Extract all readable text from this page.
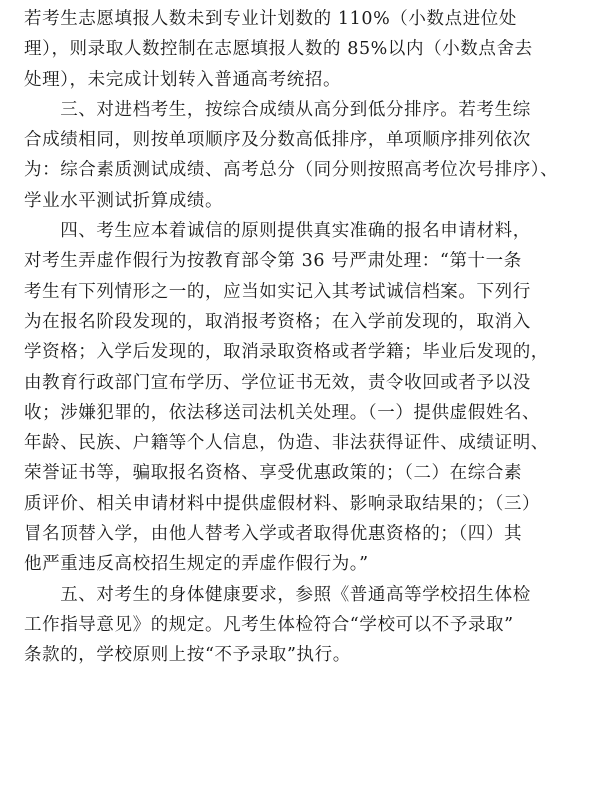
若考生志愿填报人数未到专业计划数的 110%（小数点进位处
理），则录取人数控制在志愿填报人数的 85%以内（小数点舍去
处理），未完成计划转入普通高考统招。
　　三、对进档考生，按综合成绩从高分到低分排序。若考生综
合成绩相同，则按单项顺序及分数高低排序，单项顺序排列依次
为：综合素质测试成绩、高考总分（同分则按照高考位次号排序）、
学业水平测试折算成绩。
　　四、考生应本着诚信的原则提供真实准确的报名申请材料，
对考生弄虚作假行为按教育部令第 36 号严肃处理：“第十一条
考生有下列情形之一的，应当如实记入其考试诚信档案。下列行
为在报名阶段发现的，取消报考资格；在入学前发现的，取消入
学资格；入学后发现的，取消录取资格或者学籍；毕业后发现的，
由教育行政部门宣布学历、学位证书无效，责令收回或者予以没
收；涉嫌犯罪的，依法移送司法机关处理。（一）提供虚假姓名、
年龄、民族、户籍等个人信息，伪造、非法获得证件、成绩证明、
荣誉证书等，骗取报名资格、享受优惠政策的；（二）在综合素
质评价、相关申请材料中提供虚假材料、影响录取结果的；（三）
冒名顶替入学，由他人替考入学或者取得优惠资格的；（四）其
他严重违反高校招生规定的弄虚作假行为。”
　　五、对考生的身体健康要求，参照《普通高等学校招生体检
工作指导意见》的规定。凡考生体检符合“学校可以不予录取”
条款的，学校原则上按“不予录取”执行。
